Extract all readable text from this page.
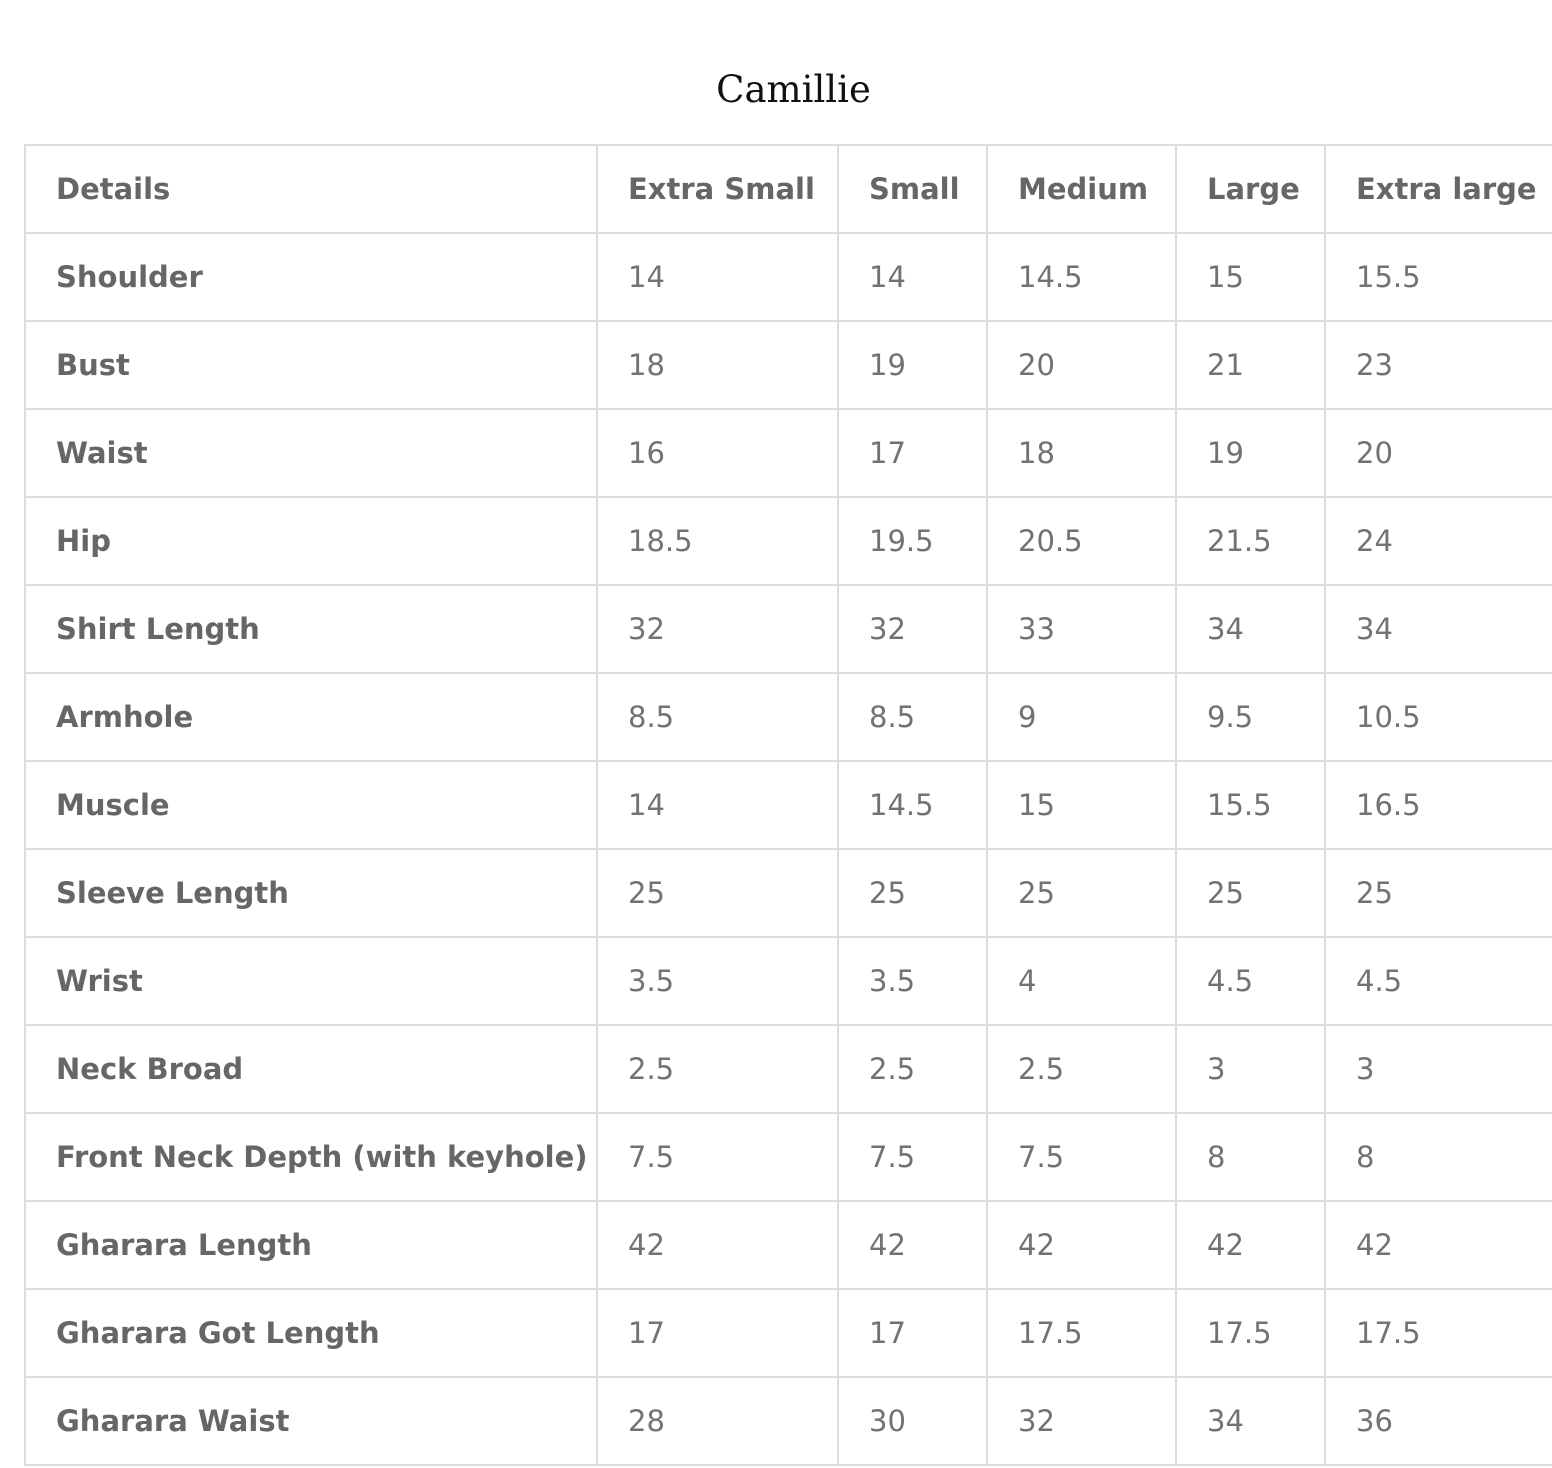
Camillie
Details	Extra Small	Small	Medium	Large	Extra large
Shoulder	14	14	14.5	15	15.5
Bust	18	19	20	21	23
Waist	16	17	18	19	20
Hip	18.5	19.5	20.5	21.5	24
Shirt Length	32	32	33	34	34
Armhole	8.5	8.5	9	9.5	10.5
Muscle	14	14.5	15	15.5	16.5
Sleeve Length	25	25	25	25	25
Wrist	3.5	3.5	4	4.5	4.5
Neck Broad	2.5	2.5	2.5	3	3
Front Neck Depth (with keyhole)	7.5	7.5	7.5	8	8
Gharara Length	42	42	42	42	42
Gharara Got Length	17	17	17.5	17.5	17.5
Gharara Waist	28	30	32	34	36
